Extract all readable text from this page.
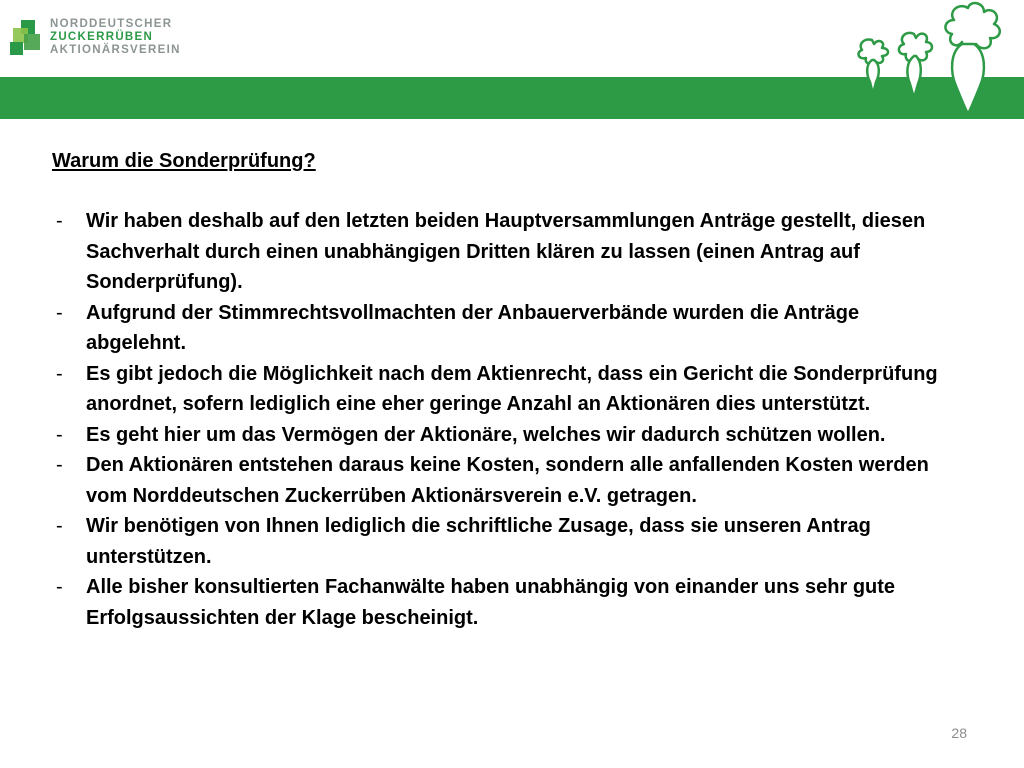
NORDDEUTSCHER
ZUCKERRÜBEN
AKTIONÄRSVEREIN
Warum die Sonderprüfung?
- Wir haben deshalb auf den letzten beiden Hauptversammlungen Anträge gestellt, diesen Sachverhalt durch einen unabhängigen Dritten klären zu lassen (einen Antrag auf Sonderprüfung).
- Aufgrund der Stimmrechtsvollmachten der Anbauerverbände wurden die Anträge abgelehnt.
- Es gibt jedoch die Möglichkeit nach dem Aktienrecht, dass ein Gericht die Sonderprüfung anordnet, sofern lediglich eine eher geringe Anzahl an Aktionären dies unterstützt.
- Es geht hier um das Vermögen der Aktionäre, welches wir dadurch schützen wollen.
- Den Aktionären entstehen daraus keine Kosten, sondern alle anfallenden Kosten werden vom Norddeutschen Zuckerrüben Aktionärsverein e.V. getragen.
- Wir benötigen von Ihnen lediglich die schriftliche Zusage, dass sie unseren Antrag unterstützen.
- Alle bisher konsultierten Fachanwälte haben unabhängig von einander uns sehr gute Erfolgsaussichten der Klage bescheinigt.
28
